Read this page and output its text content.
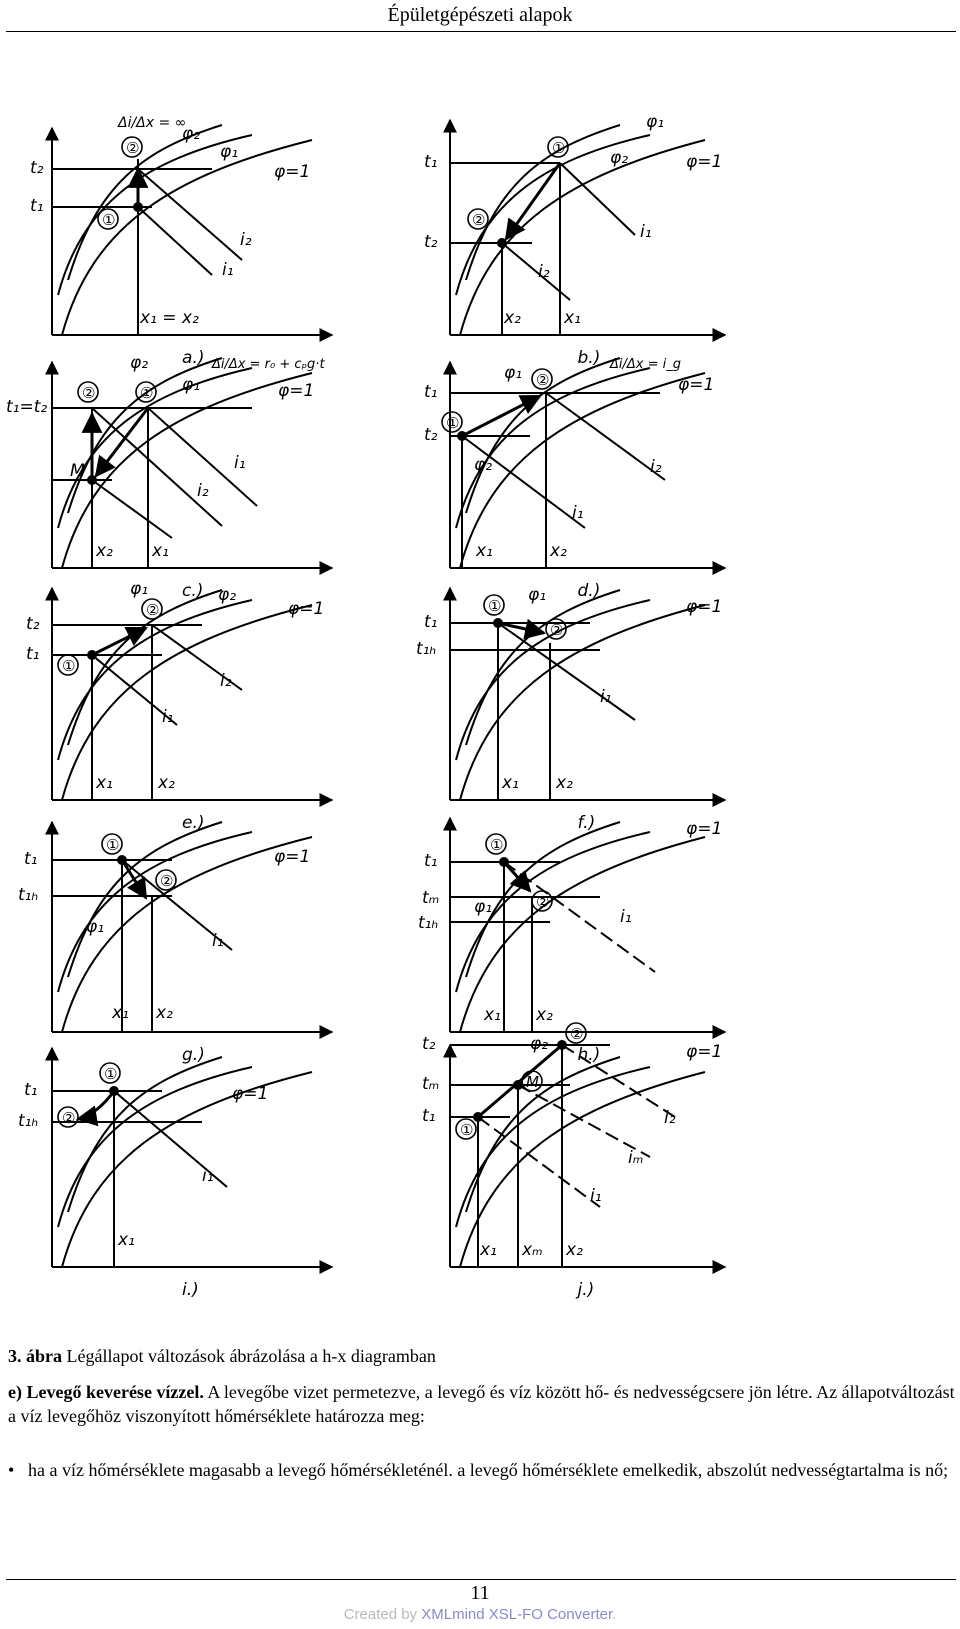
Épületgépészeti alapok
a.)
②
①
t₂
t₁
x₁ = x₂
i₂
i₁
φ₂
φ₁
φ=1
Δi/Δx = ∞
b.)
①
②
t₁
t₂
x₂	x₁
i₁
i₂
φ₁
φ₂	φ=1
c.)
②	①
t₁=t₂
x₂ x₁
i₁
i₂
φ₂
φ₁	φ=1
M
Δi/Δx = r₀ + cₚg·t
d.)
①
②
t₂
t₁
x₁	x₂
i₁
i₂
φ₁
φ₂
φ=1
Δi/Δx = i_g
e.)
①
②
t₂
t₁
x₁	x₂
i₁
i₂
φ₁	φ₂
φ=1
f.)
①
②
t₁
t₁ₕ
x₁ x₂
i₁
φ₁
φ=1
g.)
①
②
t₁
t₁ₕ
x₁ x₂
i₁
φ₁
φ=1
h.)
①
②
t₁
tₘ
t₁ₕ
x₁ x₂
i₁
φ₁
φ=1
i.)
①
②
t₁
t₁ₕ
x₁
i₁
φ=1
j.)
①
M
②
t₂
tₘ
t₁
x₁ xₘ x₂
i₂
iₘ
i₁
φ=1
φ₂
3. ábra Légállapot változások ábrázolása a h-x diagramban
e) Levegő keverése vízzel. A levegőbe vizet permetezve, a levegő és víz között hő- és nedvességcsere jön létre. Az állapotváltozást a víz levegőhöz viszonyított hőmérséklete határozza meg:
• ha a víz hőmérséklete magasabb a levegő hőmérsékleténél. a levegő hőmérséklete emelkedik, abszolút nedvességtartalma is nő;
11
Created by XMLmind XSL-FO Converter.
